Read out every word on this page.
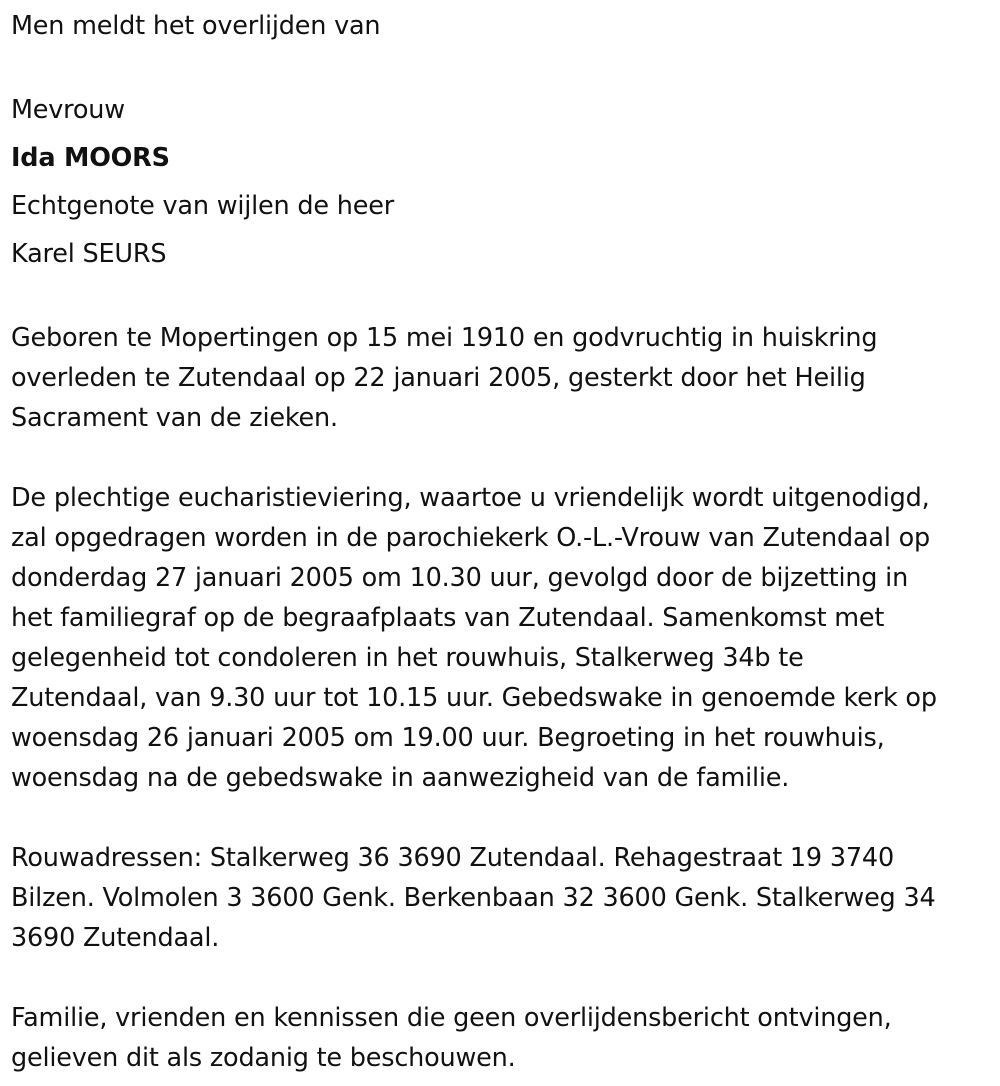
Men meldt het overlijden van

Mevrouw

Ida MOORS

Echtgenote van wijlen de heer

Karel SEURS

Geboren te Mopertingen op 15 mei 1910 en godvruchtig in huiskring
overleden te Zutendaal op 22 januari 2005, gesterkt door het Heilig
Sacrament van de zieken.

De plechtige eucharistieviering, waartoe u vriendelijk wordt uitgenodigd,
zal opgedragen worden in de parochiekerk O.-L.-Vrouw van Zutendaal op
donderdag 27 januari 2005 om 10.30 uur, gevolgd door de bijzetting in
het familiegraf op de begraafplaats van Zutendaal. Samenkomst met
gelegenheid tot condoleren in het rouwhuis, Stalkerweg 34b te
Zutendaal, van 9.30 uur tot 10.15 uur. Gebedswake in genoemde kerk op
woensdag 26 januari 2005 om 19.00 uur. Begroeting in het rouwhuis,
woensdag na de gebedswake in aanwezigheid van de familie.

Rouwadressen: Stalkerweg 36 3690 Zutendaal. Rehagestraat 19 3740
Bilzen. Volmolen 3 3600 Genk. Berkenbaan 32 3600 Genk. Stalkerweg 34
3690 Zutendaal.

Familie, vrienden en kennissen die geen overlijdensbericht ontvingen,
gelieven dit als zodanig te beschouwen.
